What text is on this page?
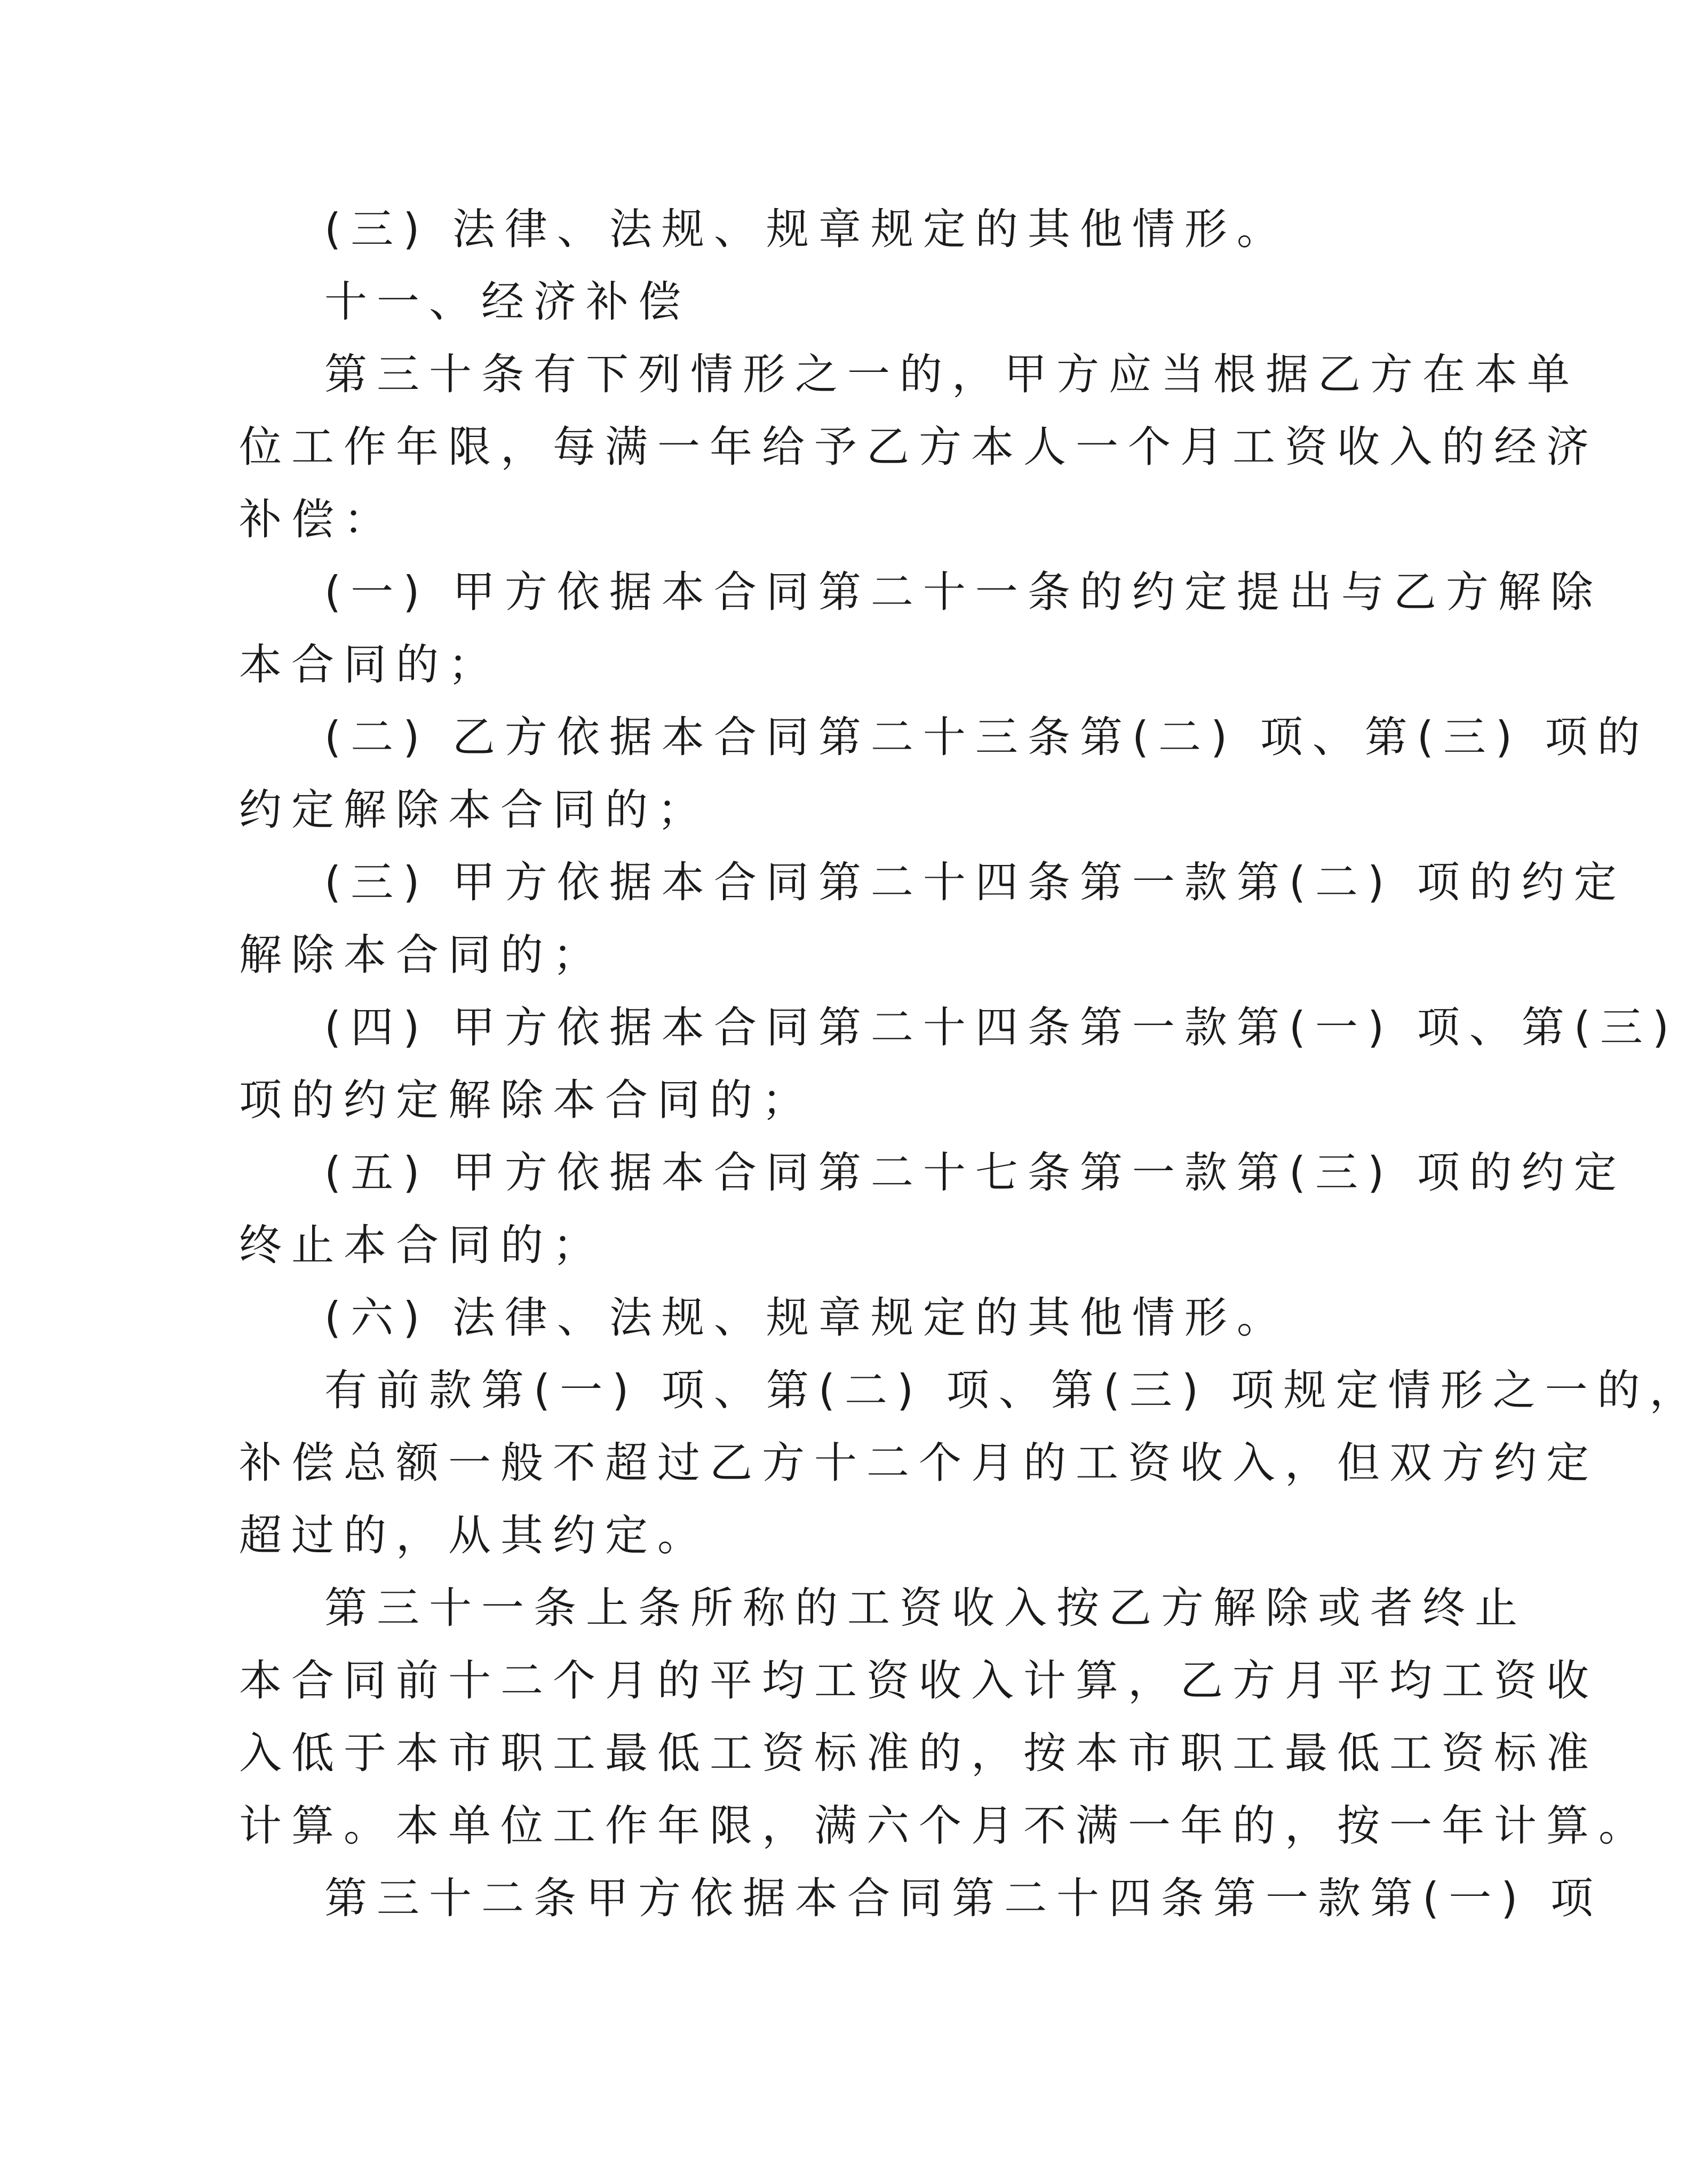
(三) 法律、法规、规章规定的其他情形。
十一、经济补偿
第三十条有下列情形之一的，甲方应当根据乙方在本单
位工作年限，每满一年给予乙方本人一个月工资收入的经济
补偿：
(一) 甲方依据本合同第二十一条的约定提出与乙方解除
本合同的；
(二) 乙方依据本合同第二十三条第(二) 项、第(三) 项的
约定解除本合同的；
(三) 甲方依据本合同第二十四条第一款第(二) 项的约定
解除本合同的；
(四) 甲方依据本合同第二十四条第一款第(一) 项、第(三)
项的约定解除本合同的；
(五) 甲方依据本合同第二十七条第一款第(三) 项的约定
终止本合同的；
(六) 法律、法规、规章规定的其他情形。
有前款第(一) 项、第(二) 项、第(三) 项规定情形之一的，
补偿总额一般不超过乙方十二个月的工资收入，但双方约定
超过的，从其约定。
第三十一条上条所称的工资收入按乙方解除或者终止
本合同前十二个月的平均工资收入计算，乙方月平均工资收
入低于本市职工最低工资标准的，按本市职工最低工资标准
计算。本单位工作年限，满六个月不满一年的，按一年计算。
第三十二条甲方依据本合同第二十四条第一款第(一) 项
